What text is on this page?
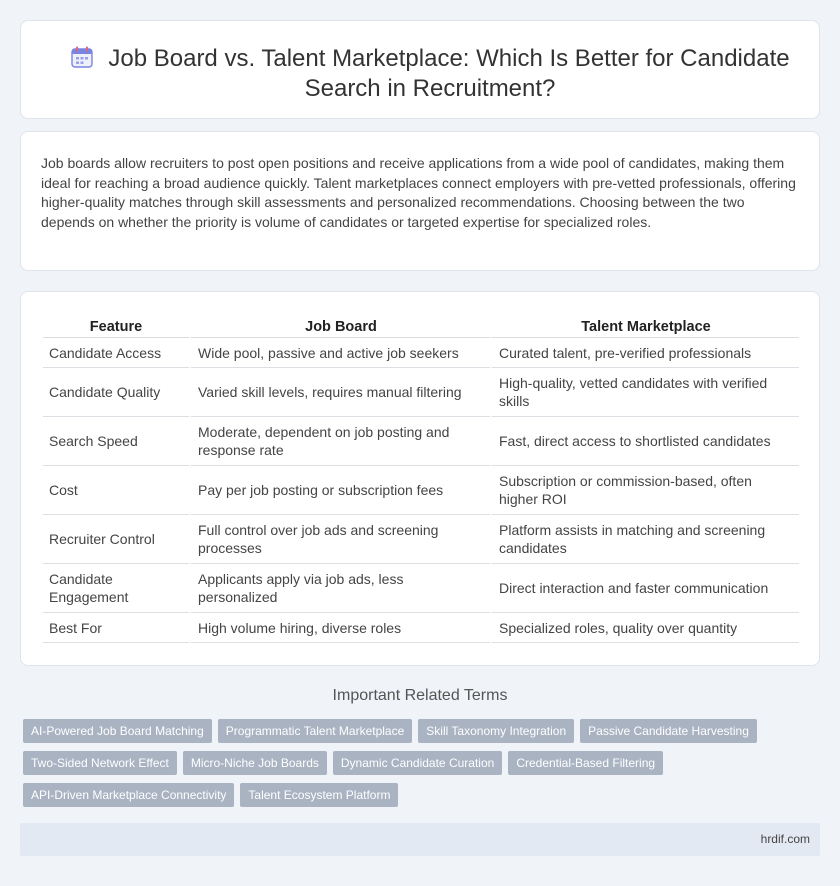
Job Board vs. Talent Marketplace: Which Is Better for Candidate Search in Recruitment?

Job boards allow recruiters to post open positions and receive applications from a wide pool of candidates, making them ideal for reaching a broad audience quickly. Talent marketplaces connect employers with pre-vetted professionals, offering higher-quality matches through skill assessments and personalized recommendations. Choosing between the two depends on whether the priority is volume of candidates or targeted expertise for specialized roles.

Feature	Job Board	Talent Marketplace
Candidate Access	Wide pool, passive and active job seekers	Curated talent, pre-verified professionals
Candidate Quality	Varied skill levels, requires manual filtering	High-quality, vetted candidates with verified skills
Search Speed	Moderate, dependent on job posting and response rate	Fast, direct access to shortlisted candidates
Cost	Pay per job posting or subscription fees	Subscription or commission-based, often higher ROI
Recruiter Control	Full control over job ads and screening processes	Platform assists in matching and screening candidates
Candidate Engagement	Applicants apply via job ads, less personalized	Direct interaction and faster communication
Best For	High volume hiring, diverse roles	Specialized roles, quality over quantity
Important Related Terms
AI-Powered Job Board Matching	Programmatic Talent Marketplace	Skill Taxonomy Integration	Passive Candidate Harvesting
Two-Sided Network Effect	Micro-Niche Job Boards	Dynamic Candidate Curation	Credential-Based Filtering
API-Driven Marketplace Connectivity	Talent Ecosystem Platform
hrdif.com
